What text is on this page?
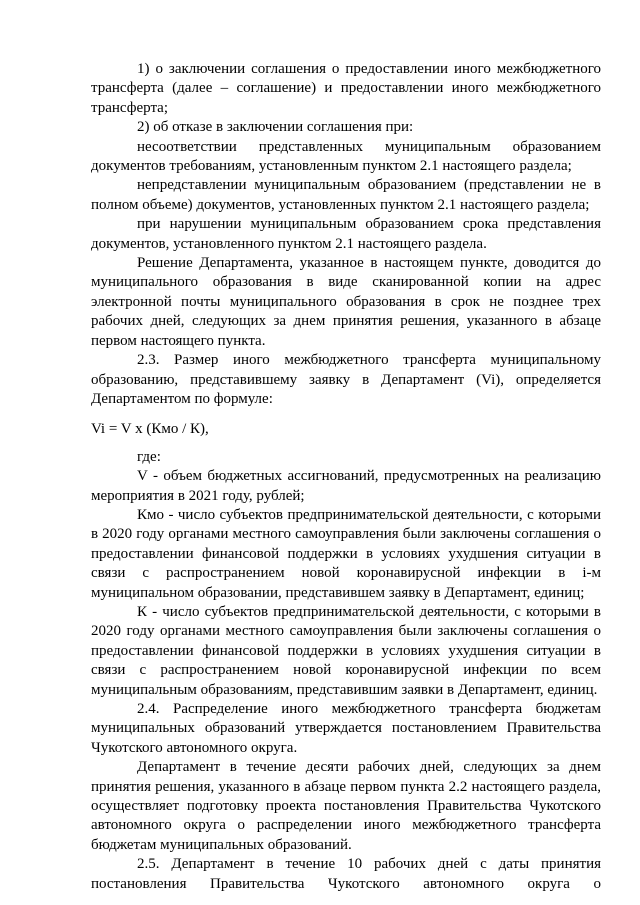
1) о заключении соглашения о предоставлении иного межбюджетного трансферта (далее – соглашение) и предоставлении иного межбюджетного трансферта;

2) об отказе в заключении соглашения при:

несоответствии представленных муниципальным образованием документов требованиям, установленным пунктом 2.1 настоящего раздела;

непредставлении муниципальным образованием (представлении не в полном объеме) документов, установленных пунктом 2.1 настоящего раздела;

при нарушении муниципальным образованием срока представления документов, установленного пунктом 2.1 настоящего раздела.

Решение Департамента, указанное в настоящем пункте, доводится до муниципального образования в виде сканированной копии на адрес электронной почты муниципального образования в срок не позднее трех рабочих дней, следующих за днем принятия решения, указанного в абзаце первом настоящего пункта.

2.3. Размер иного межбюджетного трансферта муниципальному образованию, представившему заявку в Департамент (Vi), определяется Департаментом по формуле:

Vi = V x (Кмо / К),

где:

V - объем бюджетных ассигнований, предусмотренных на реализацию мероприятия в 2021 году, рублей;

Кмо - число субъектов предпринимательской деятельности, с которыми в 2020 году органами местного самоуправления были заключены соглашения о предоставлении финансовой поддержки в условиях ухудшения ситуации в связи с распространением новой коронавирусной инфекции в i-м муниципальном образовании, представившем заявку в Департамент, единиц;

К - число субъектов предпринимательской деятельности, с которыми в 2020 году органами местного самоуправления были заключены соглашения о предоставлении финансовой поддержки в условиях ухудшения ситуации в связи с распространением новой коронавирусной инфекции по всем муниципальным образованиям, представившим заявки в Департамент, единиц.

2.4. Распределение иного межбюджетного трансферта бюджетам муниципальных образований утверждается постановлением Правительства Чукотского автономного округа.

Департамент в течение десяти рабочих дней, следующих за днем принятия решения, указанного в абзаце первом пункта 2.2 настоящего раздела, осуществляет подготовку проекта постановления Правительства Чукотского автономного округа о распределении иного межбюджетного трансферта бюджетам муниципальных образований.

2.5. Департамент в течение 10 рабочих дней с даты принятия постановления Правительства Чукотского автономного округа о
